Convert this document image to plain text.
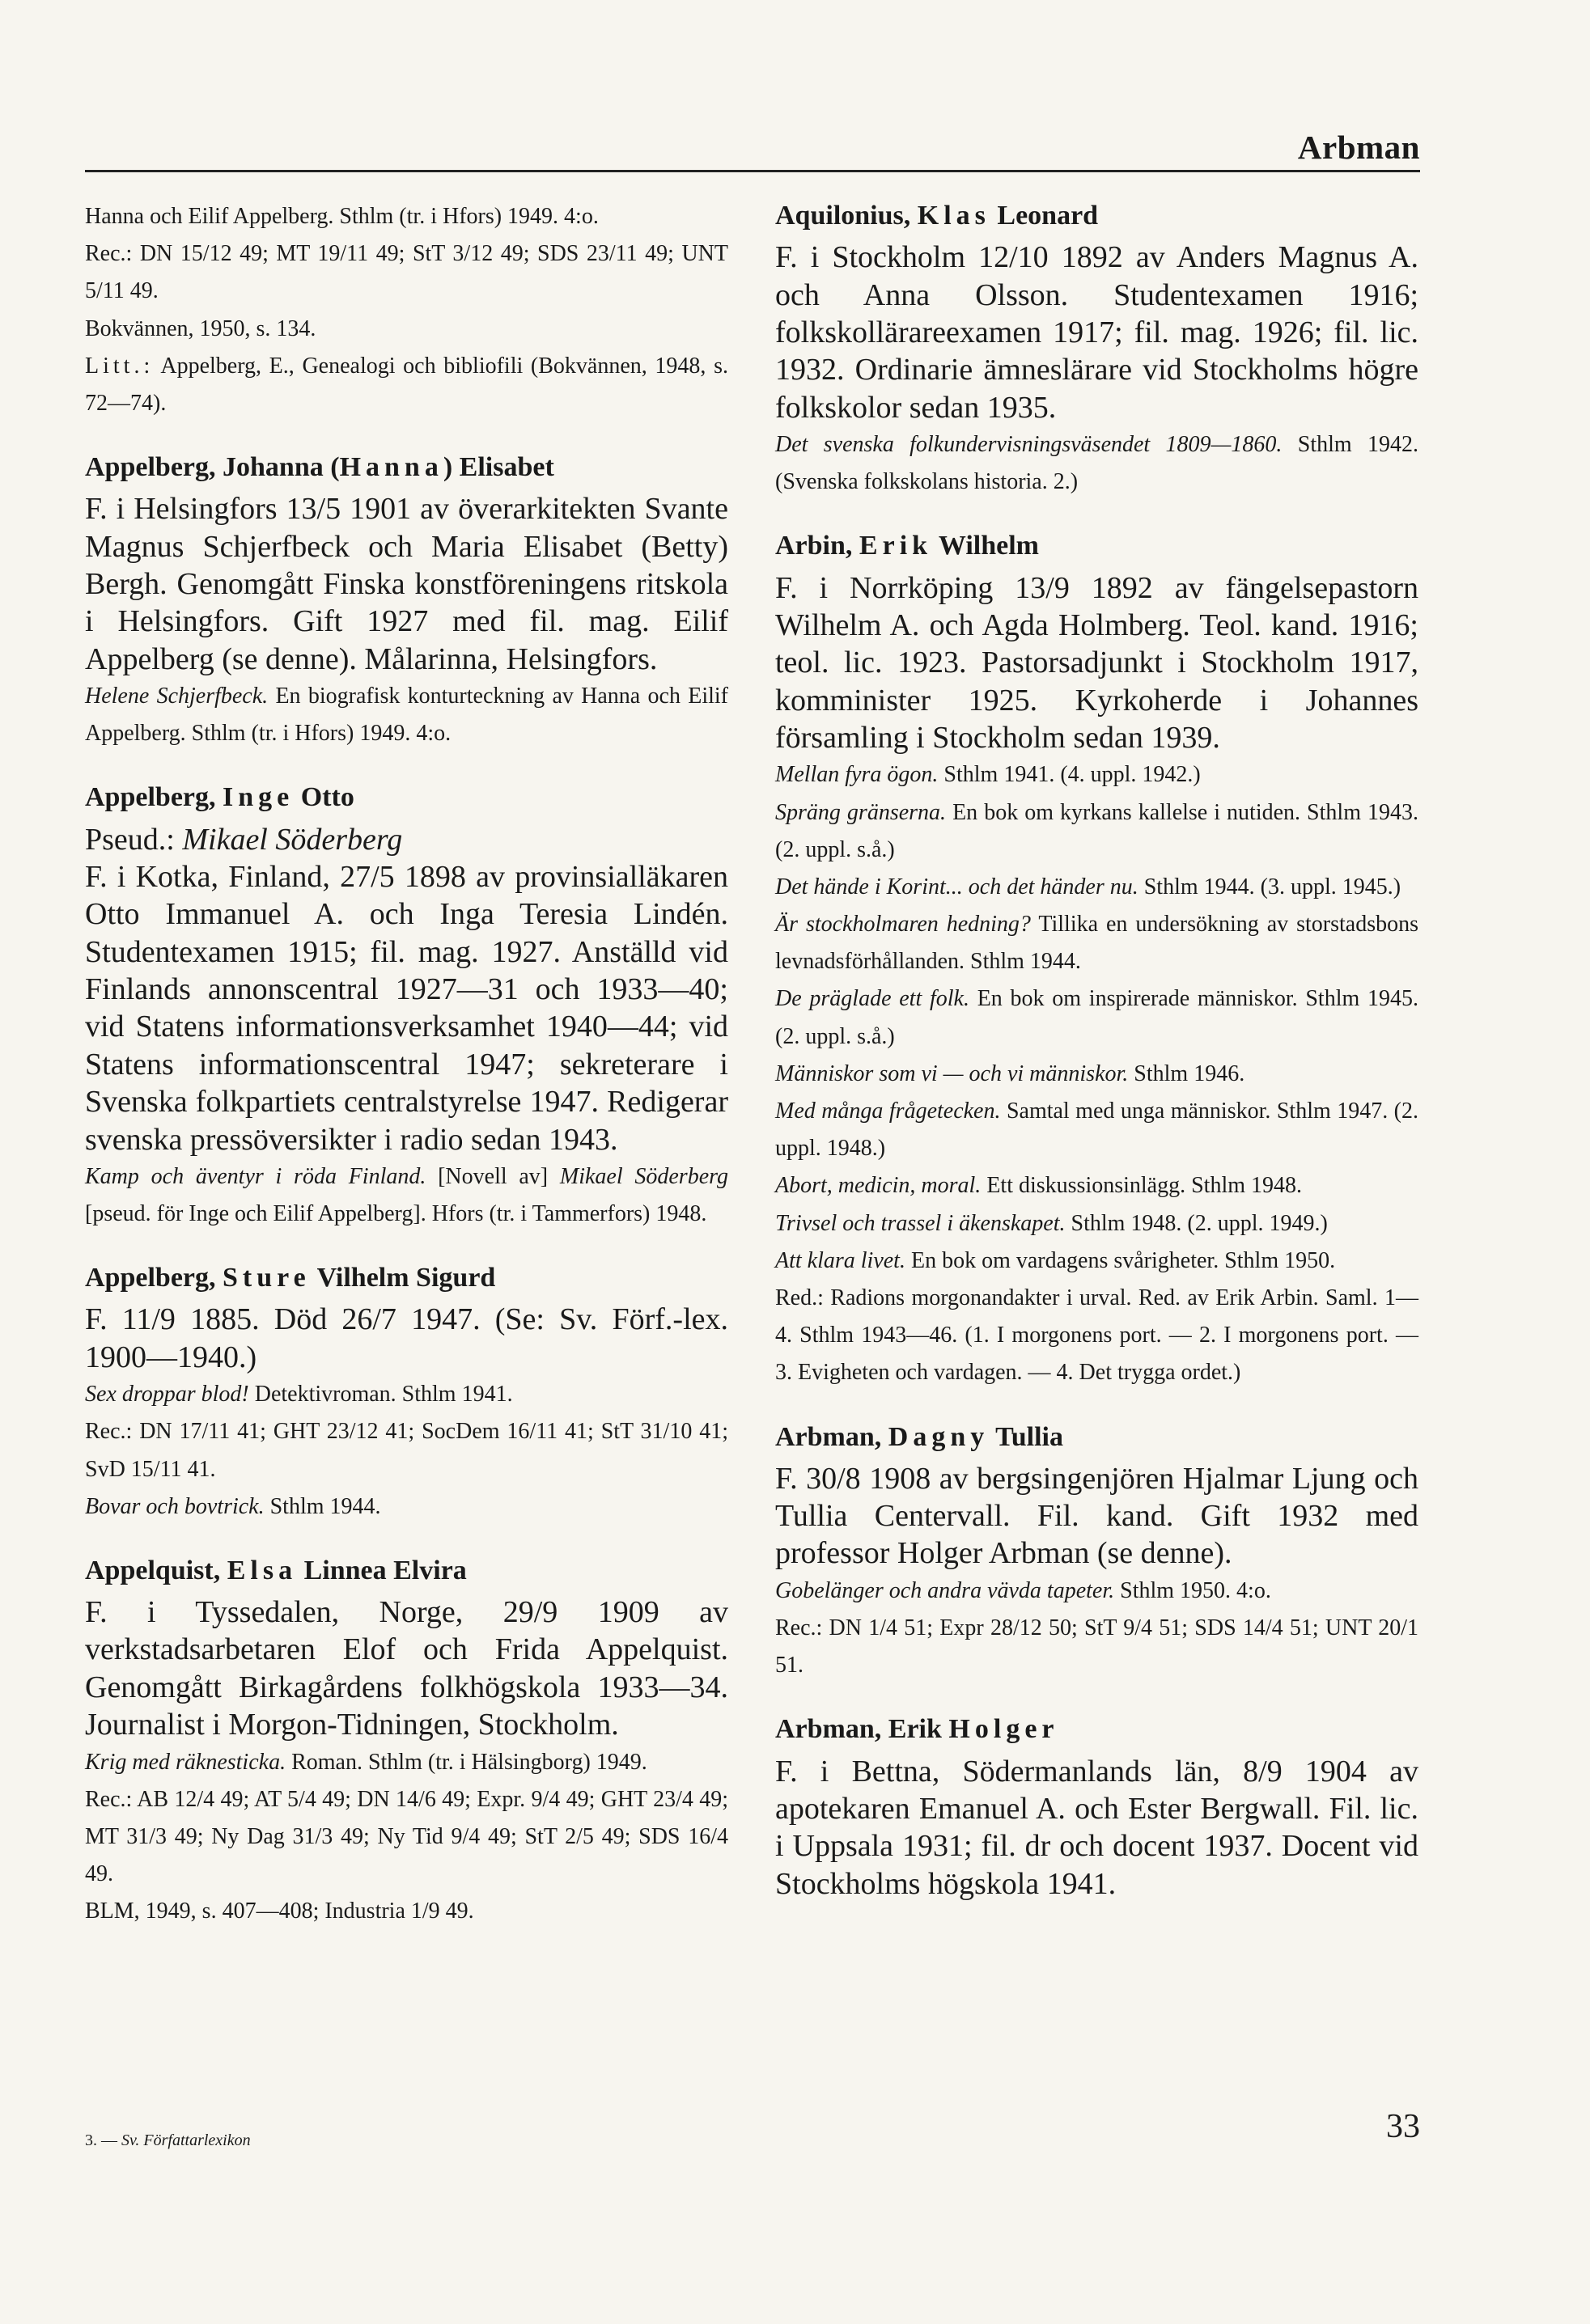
Arbman
Hanna och Eilif Appelberg. Sthlm (tr. i Hfors) 1949. 4:o.
Rec.: DN 15/12 49; MT 19/11 49; StT 3/12 49; SDS 23/11 49; UNT 5/11 49.
Bokvännen, 1950, s. 134.
Litt.: Appelberg, E., Genealogi och bibliofili (Bokvännen, 1948, s. 72—74).
Appelberg, Johanna (Hanna) Elisabet
F. i Helsingfors 13/5 1901 av överarkitekten Svante Magnus Schjerfbeck och Maria Elisabet (Betty) Bergh. Genomgått Finska konstföreningens ritskola i Helsingfors. Gift 1927 med fil. mag. Eilif Appelberg (se denne). Målarinna, Helsingfors.
Helene Schjerfbeck. En biografisk konturteckning av Hanna och Eilif Appelberg. Sthlm (tr. i Hfors) 1949. 4:o.
Appelberg, Inge Otto
Pseud.: Mikael Söderberg
F. i Kotka, Finland, 27/5 1898 av provinsialläkaren Otto Immanuel A. och Inga Teresia Lindén. Studentexamen 1915; fil. mag. 1927. Anställd vid Finlands annonscentral 1927—31 och 1933—40; vid Statens informationsverksamhet 1940—44; vid Statens informationscentral 1947; sekreterare i Svenska folkpartiets centralstyrelse 1947. Redigerar svenska pressöversikter i radio sedan 1943.
Kamp och äventyr i röda Finland. [Novell av] Mikael Söderberg [pseud. för Inge och Eilif Appelberg]. Hfors (tr. i Tammerfors) 1948.
Appelberg, Sture Vilhelm Sigurd
F. 11/9 1885. Död 26/7 1947. (Se: Sv. Förf.-lex. 1900—1940.)
Sex droppar blod! Detektivroman. Sthlm 1941.
Rec.: DN 17/11 41; GHT 23/12 41; SocDem 16/11 41; StT 31/10 41; SvD 15/11 41.
Bovar och bovtrick. Sthlm 1944.
Appelquist, Elsa Linnea Elvira
F. i Tyssedalen, Norge, 29/9 1909 av verkstadsarbetaren Elof och Frida Appelquist. Genomgått Birkagårdens folkhögskola 1933—34. Journalist i Morgon-Tidningen, Stockholm.
Krig med räknesticka. Roman. Sthlm (tr. i Hälsingborg) 1949.
Rec.: AB 12/4 49; AT 5/4 49; DN 14/6 49; Expr. 9/4 49; GHT 23/4 49; MT 31/3 49; Ny Dag 31/3 49; Ny Tid 9/4 49; StT 2/5 49; SDS 16/4 49.
BLM, 1949, s. 407—408; Industria 1/9 49.
Aquilonius, Klas Leonard
F. i Stockholm 12/10 1892 av Anders Magnus A. och Anna Olsson. Studentexamen 1916; folkskollärareexamen 1917; fil. mag. 1926; fil. lic. 1932. Ordinarie ämneslärare vid Stockholms högre folkskolor sedan 1935.
Det svenska folkundervisningsväsendet 1809—1860. Sthlm 1942. (Svenska folkskolans historia. 2.)
Arbin, Erik Wilhelm
F. i Norrköping 13/9 1892 av fängelsepastorn Wilhelm A. och Agda Holmberg. Teol. kand. 1916; teol. lic. 1923. Pastorsadjunkt i Stockholm 1917, komminister 1925. Kyrkoherde i Johannes församling i Stockholm sedan 1939.
Mellan fyra ögon. Sthlm 1941. (4. uppl. 1942.)
Spräng gränserna. En bok om kyrkans kallelse i nutiden. Sthlm 1943. (2. uppl. s.å.)
Det hände i Korint... och det händer nu. Sthlm 1944. (3. uppl. 1945.)
Är stockholmaren hedning? Tillika en undersökning av storstadsbons levnadsförhållanden. Sthlm 1944.
De präglade ett folk. En bok om inspirerade människor. Sthlm 1945. (2. uppl. s.å.)
Människor som vi — och vi människor. Sthlm 1946.
Med många frågetecken. Samtal med unga människor. Sthlm 1947. (2. uppl. 1948.)
Abort, medicin, moral. Ett diskussionsinlägg. Sthlm 1948.
Trivsel och trassel i äkenskapet. Sthlm 1948. (2. uppl. 1949.)
Att klara livet. En bok om vardagens svårigheter. Sthlm 1950.
Red.: Radions morgonandakter i urval. Red. av Erik Arbin. Saml. 1—4. Sthlm 1943—46. (1. I morgonens port. — 2. I morgonens port. — 3. Evigheten och vardagen. — 4. Det trygga ordet.)
Arbman, Dagny Tullia
F. 30/8 1908 av bergsingenjören Hjalmar Ljung och Tullia Centervall. Fil. kand. Gift 1932 med professor Holger Arbman (se denne).
Gobelänger och andra vävda tapeter. Sthlm 1950. 4:o.
Rec.: DN 1/4 51; Expr 28/12 50; StT 9/4 51; SDS 14/4 51; UNT 20/1 51.
Arbman, Erik Holger
F. i Bettna, Södermanlands län, 8/9 1904 av apotekaren Emanuel A. och Ester Bergwall. Fil. lic. i Uppsala 1931; fil. dr och docent 1937. Docent vid Stockholms högskola 1941.
3. — Sv. Författarlexikon	33
